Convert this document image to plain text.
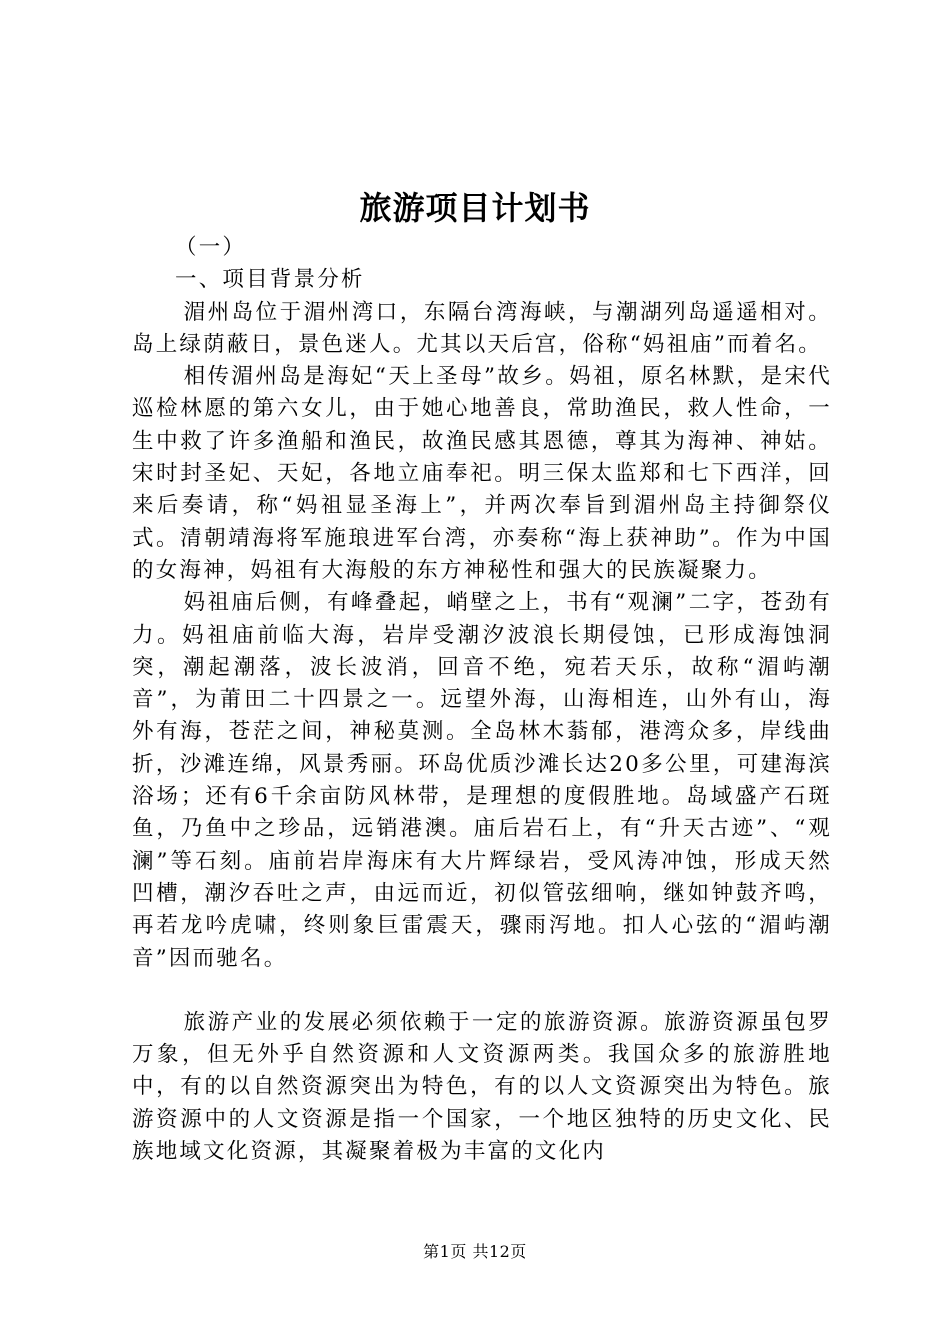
旅游项目计划书

（一）

一、项目背景分析

湄州岛位于湄州湾口，东隔台湾海峡，与潮湖列岛遥遥相对。岛上绿荫蔽日，景色迷人。尤其以天后宫，俗称“妈祖庙”而着名。

相传湄州岛是海妃“天上圣母”故乡。妈祖，原名林默，是宋代巡检林愿的第六女儿，由于她心地善良，常助渔民，救人性命，一生中救了许多渔船和渔民，故渔民感其恩德，尊其为海神、神姑。宋时封圣妃、天妃，各地立庙奉祀。明三保太监郑和七下西洋，回来后奏请，称“妈祖显圣海上”，并两次奉旨到湄州岛主持御祭仪式。清朝靖海将军施琅进军台湾，亦奏称“海上获神助”。作为中国的女海神，妈祖有大海般的东方神秘性和强大的民族凝聚力。

妈祖庙后侧，有峰叠起，峭壁之上，书有“观澜”二字，苍劲有力。妈祖庙前临大海，岩岸受潮汐波浪长期侵蚀，已形成海蚀洞突，潮起潮落，波长波消，回音不绝，宛若天乐，故称“湄屿潮音”，为莆田二十四景之一。远望外海，山海相连，山外有山，海外有海，苍茫之间，神秘莫测。全岛林木蓊郁，港湾众多，岸线曲折，沙滩连绵，风景秀丽。环岛优质沙滩长达20多公里，可建海滨浴场；还有6千余亩防风林带，是理想的度假胜地。岛域盛产石斑鱼，乃鱼中之珍品，远销港澳。庙后岩石上，有“升天古迹”、“观澜”等石刻。庙前岩岸海床有大片辉绿岩，受风涛冲蚀，形成天然凹槽，潮汐吞吐之声，由远而近，初似管弦细响，继如钟鼓齐鸣，再若龙吟虎啸，终则象巨雷震天，骤雨泻地。扣人心弦的“湄屿潮音”因而驰名。

旅游产业的发展必须依赖于一定的旅游资源。旅游资源虽包罗万象，但无外乎自然资源和人文资源两类。我国众多的旅游胜地中，有的以自然资源突出为特色，有的以人文资源突出为特色。旅游资源中的人文资源是指一个国家，一个地区独特的历史文化、民族地域文化资源，其凝聚着极为丰富的文化内

第1页 共12页
